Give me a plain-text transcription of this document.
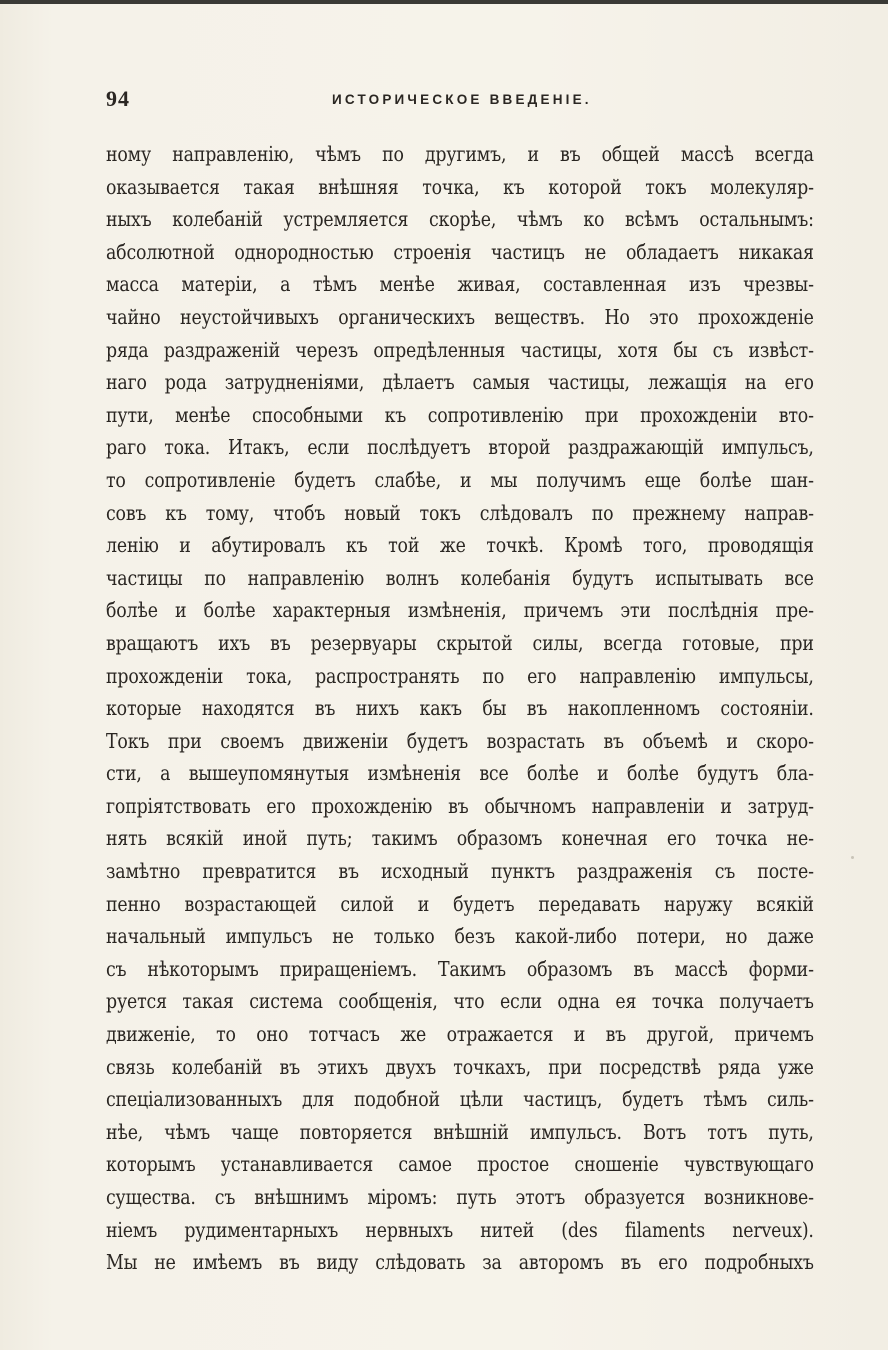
94	ИСТОРИЧЕСКОЕ ВВЕДЕНІЕ.
ному направленію, чѣмъ по другимъ, и въ общей массѣ всегда
оказывается такая внѣшняя точка, къ которой токъ молекуляр-
ныхъ колебаній устремляется скорѣе, чѣмъ ко всѣмъ остальнымъ:
абсолютной однородностью строенія частицъ не обладаетъ никакая
масса матеріи, а тѣмъ менѣе живая, составленная изъ чрезвы-
чайно неустойчивыхъ органическихъ веществъ. Но это прохожденіе
ряда раздраженій черезъ опредѣленныя частицы, хотя бы съ извѣст-
наго рода затрудненіями, дѣлаетъ самыя частицы, лежащія на его
пути, менѣе способными къ сопротивленію при прохожденіи вто-
раго тока. Итакъ, если послѣдуетъ второй раздражающій импульсъ,
то сопротивленіе будетъ слабѣе, и мы получимъ еще болѣе шан-
совъ къ тому, чтобъ новый токъ слѣдовалъ по прежнему направ-
ленію и абутировалъ къ той же точкѣ. Кромѣ того, проводящія
частицы по направленію волнъ колебанія будутъ испытывать все
болѣе и болѣе характерныя измѣненія, причемъ эти послѣднія пре-
вращаютъ ихъ въ резервуары скрытой силы, всегда готовые, при
прохожденіи тока, распространять по его направленію импульсы,
которые находятся въ нихъ какъ бы въ накопленномъ состояніи.
Токъ при своемъ движеніи будетъ возрастать въ объемѣ и скоро-
сти, а вышеупомянутыя измѣненія все болѣе и болѣе будутъ бла-
гопріятствовать его прохожденію въ обычномъ направленіи и затруд-
нять всякій иной путь; такимъ образомъ конечная его точка не-
замѣтно превратится въ исходный пунктъ раздраженія съ посте-
пенно возрастающей силой и будетъ передавать наружу всякій
начальный импульсъ не только безъ какой-либо потери, но даже
съ нѣкоторымъ приращеніемъ. Такимъ образомъ въ массѣ форми-
руется такая система сообщенія, что если одна ея точка получаетъ
движеніе, то оно тотчасъ же отражается и въ другой, причемъ
связь колебаній въ этихъ двухъ точкахъ, при посредствѣ ряда уже
спеціализованныхъ для подобной цѣли частицъ, будетъ тѣмъ силь-
нѣе, чѣмъ чаще повторяется внѣшній импульсъ. Вотъ тотъ путь,
которымъ устанавливается самое простое сношеніе чувствующаго
существа. съ внѣшнимъ міромъ: путь этотъ образуется возникнове-
ніемъ рудиментарныхъ нервныхъ нитей (des filaments nerveux).
Мы не имѣемъ въ виду слѣдовать за авторомъ въ его подробныхъ
